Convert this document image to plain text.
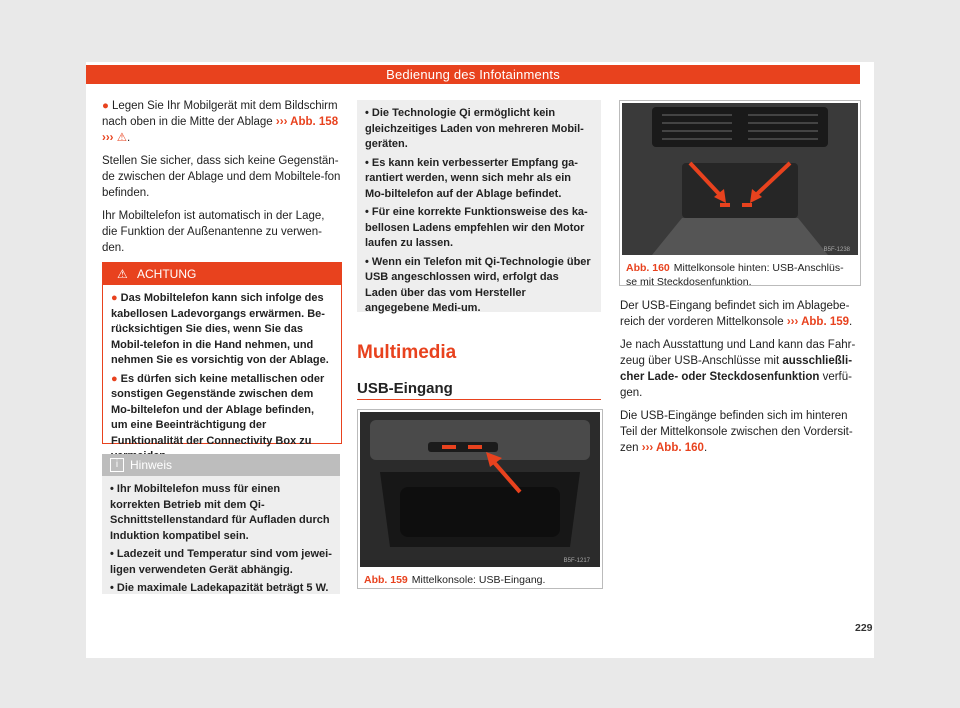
Bedienung des Infotainments

● Legen Sie Ihr Mobilgerät mit dem Bildschirm nach oben in die Mitte der Ablage ››› Abb. 158 ››› ⚠.

Stellen Sie sicher, dass sich keine Gegenstän-de zwischen der Ablage und dem Mobiltele-fon befinden.

Ihr Mobiltelefon ist automatisch in der Lage, die Funktion der Außenantenne zu verwen-den.

⚠ ACHTUNG

● Das Mobiltelefon kann sich infolge des kabellosen Ladevorgangs erwärmen. Be-rücksichtigen Sie dies, wenn Sie das Mobil-telefon in die Hand nehmen, und nehmen Sie es vorsichtig von der Ablage.

● Es dürfen sich keine metallischen oder sonstigen Gegenstände zwischen dem Mo-biltelefon und der Ablage befinden, um eine Beeinträchtigung der Funktionalität der Connectivity Box zu

i Hinweis

• Ihr Mobiltelefon muss für einen korrekten Betrieb mit dem Qi-Schnittstellenstandard für Aufladen durch Induktion kompatibel sein.

• Ladezeit und Temperatur sind vom jewei-ligen verwendeten Gerät abhängig.

• Die maximale Ladekapazität beträgt 5 W.

• Die Technologie Qi ermöglicht kein gleichzeitiges Laden von mehreren Mobil-geräten.

• Es kann kein verbesserter Empfang ga-rantiert werden, wenn sich mehr als ein Mo-biltelefon auf der Ablage befindet.

• Für eine korrekte Funktionsweise des ka-bellosen Ladens empfehlen wir den Motor laufen zu lassen.

• Wenn ein Telefon mit Qi-Technologie über USB angeschlossen wird, erfolgt das Laden über das vom Hersteller angegebene Medi-um.

Multimedia
USB-Eingang
B5F-1217
Abb. 159 Mittelkonsole: USB-Eingang.
B5F-1238
Abb. 160 Mittelkonsole hinten: USB-Anschlüs-se mit Steckdosenfunktion.

Der USB-Eingang befindet sich im Ablagebe-reich der vorderen Mittelkonsole ››› Abb. 159.

Je nach Ausstattung und Land kann das Fahr-zeug über USB-Anschlüsse mit ausschließli-cher Lade- oder Steckdosenfunktion verfü-gen.

Die USB-Eingänge befinden sich im hinteren Teil der Mittelkonsole zwischen den Vordersit-zen ››› Abb. 160.

229
